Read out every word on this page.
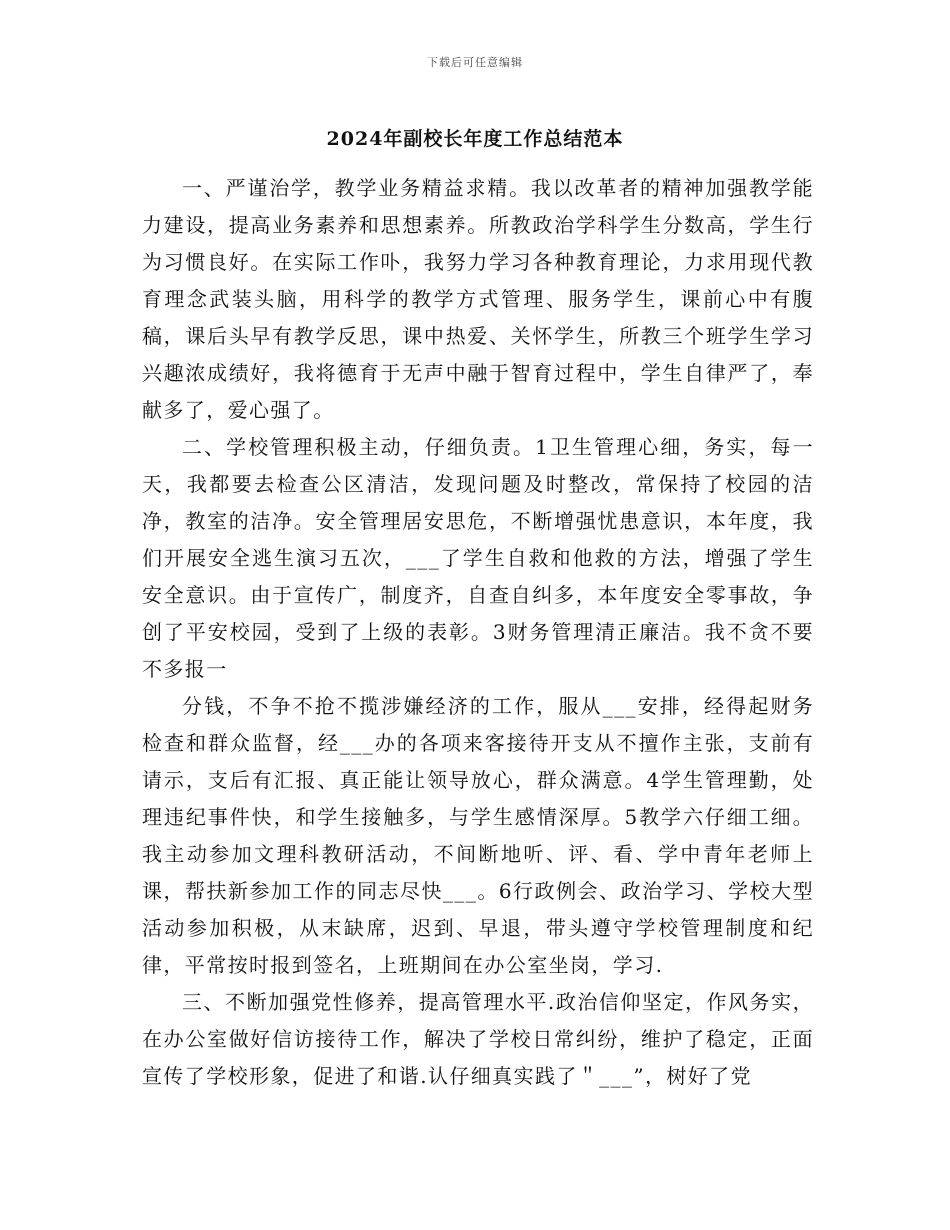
下载后可任意编辑
2024年副校长年度工作总结范本

一、严谨治学，教学业务精益求精。我以改革者的精神加强教学能力建设，提高业务素养和思想素养。所教政治学科学生分数高，学生行为习惯良好。在实际工作卟，我努力学习各种教育理论，力求用现代教育理念武装头脑，用科学的教学方式管理、服务学生，课前心中有腹稿，课后头早有教学反思，课中热爱、关怀学生，所教三个班学生学习兴趣浓成绩好，我将德育于无声中融于智育过程中，学生自律严了，奉献多了，爱心强了。

二、学校管理积极主动，仔细负责。1卫生管理心细，务实，每一天，我都要去检查公区清洁，发现问题及时整改，常保持了校园的洁净，教室的洁净。安全管理居安思危，不断增强忧患意识，本年度，我们开展安全逃生演习五次，___了学生自救和他救的方法，增强了学生安全意识。由于宣传广，制度齐，自查自纠多，本年度安全零事故，争创了平安校园，受到了上级的表彰。3财务管理清正廉洁。我不贪不要不多报一

分钱，不争不抢不揽涉嫌经济的工作，服从___安排，经得起财务检查和群众监督，经___办的各项来客接待开支从不擅作主张，支前有请示，支后有汇报、真正能让领导放心，群众满意。4学生管理勤，处理违纪事件快，和学生接触多，与学生感情深厚。5教学六仔细工细。我主动参加文理科教研活动，不间断地听、评、看、学中青年老师上课，帮扶新参加工作的同志尽快___。6行政例会、政治学习、学校大型活动参加积极，从末缺席，迟到、早退，带头遵守学校管理制度和纪律，平常按时报到签名，上班期间在办公室坐岗，学习.

三、不断加强党性修养，提高管理水平.政治信仰坚定，作风务实，在办公室做好信访接待工作，解决了学校日常纠纷，维护了稳定，正面宣传了学校形象，促进了和谐.认仔细真实践了＂___”，树好了党
